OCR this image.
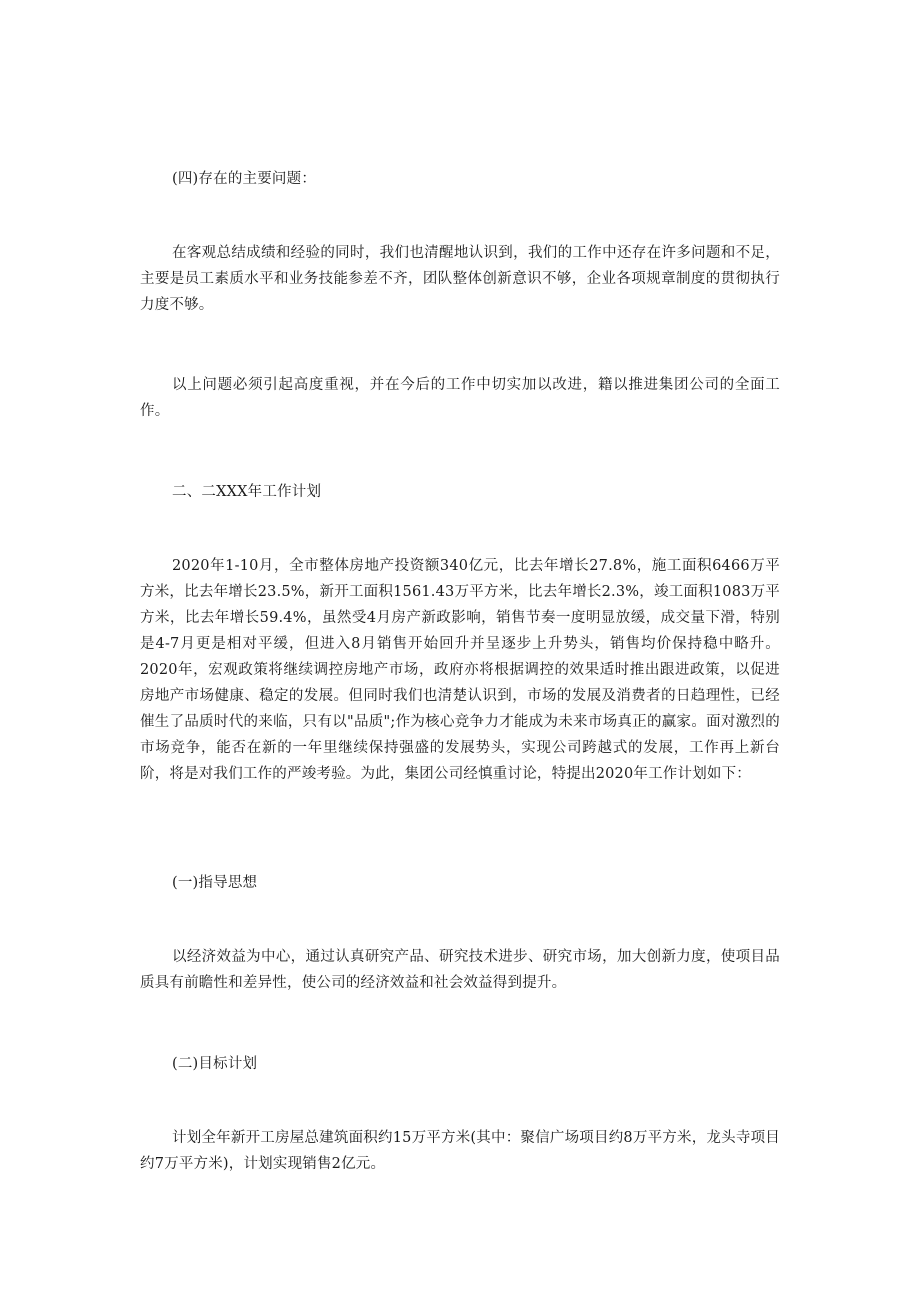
(四)存在的主要问题：

在客观总结成绩和经验的同时，我们也清醒地认识到，我们的工作中还存在许多问题和不足，主要是员工素质水平和业务技能参差不齐，团队整体创新意识不够，企业各项规章制度的贯彻执行力度不够。

以上问题必须引起高度重视，并在今后的工作中切实加以改进，籍以推进集团公司的全面工作。

二、二XXX年工作计划

2020年1-10月，全市整体房地产投资额340亿元，比去年增长27.8%，施工面积6466万平方米，比去年增长23.5%，新开工面积1561.43万平方米，比去年增长2.3%，竣工面积1083万平方米，比去年增长59.4%，虽然受4月房产新政影响，销售节奏一度明显放缓，成交量下滑，特别是4-7月更是相对平缓，但进入8月销售开始回升并呈逐步上升势头，销售均价保持稳中略升。 2020年，宏观政策将继续调控房地产市场，政府亦将根据调控的效果适时推出跟进政策，以促进房地产市场健康、稳定的发展。但同时我们也清楚认识到，市场的发展及消费者的日趋理性，已经催生了品质时代的来临，只有以"品质";作为核心竞争力才能成为未来市场真正的赢家。面对激烈的市场竞争，能否在新的一年里继续保持强盛的发展势头，实现公司跨越式的发展，工作再上新台阶，将是对我们工作的严竣考验。为此，集团公司经慎重讨论，特提出2020年工作计划如下：

(一)指导思想

以经济效益为中心，通过认真研究产品、研究技术进步、研究市场，加大创新力度，使项目品质具有前瞻性和差异性，使公司的经济效益和社会效益得到提升。

(二)目标计划

计划全年新开工房屋总建筑面积约15万平方米(其中：聚信广场项目约8万平方米，龙头寺项目约7万平方米)，计划实现销售2亿元。
